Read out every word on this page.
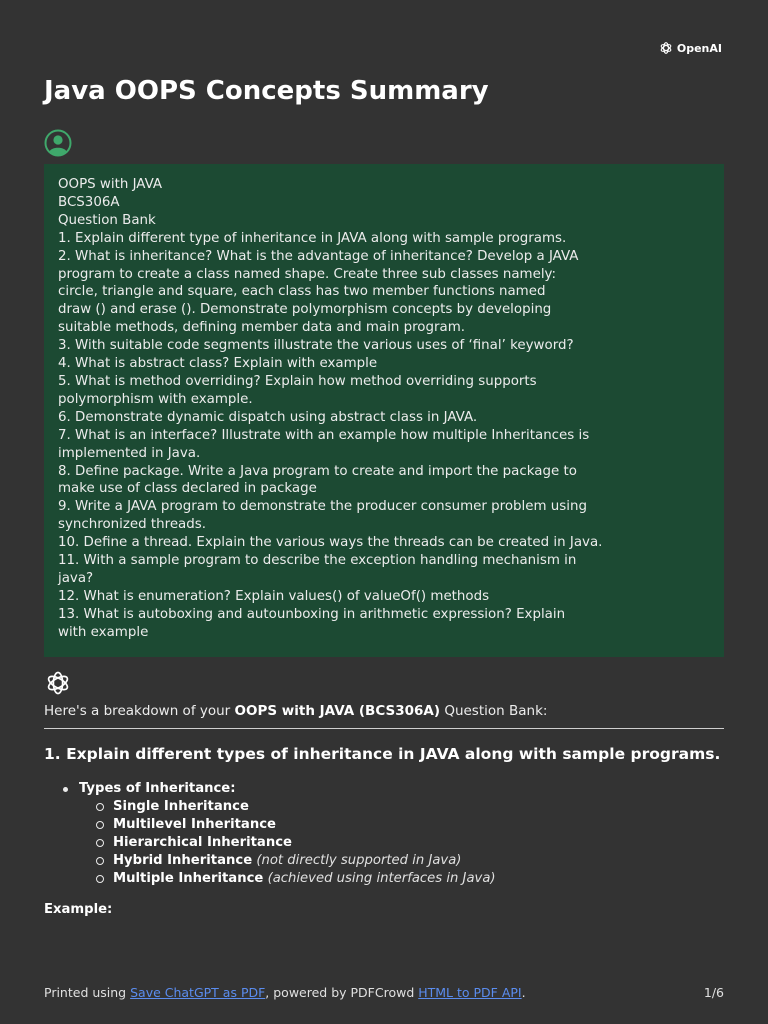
OpenAI
Java OOPS Concepts Summary
OOPS with JAVA
BCS306A
Question Bank
1. Explain different type of inheritance in JAVA along with sample programs.
2. What is inheritance? What is the advantage of inheritance? Develop a JAVA
program to create a class named shape. Create three sub classes namely:
circle, triangle and square, each class has two member functions named
draw () and erase (). Demonstrate polymorphism concepts by developing
suitable methods, defining member data and main program.
3. With suitable code segments illustrate the various uses of ‘final’ keyword?
4. What is abstract class? Explain with example
5. What is method overriding? Explain how method overriding supports
polymorphism with example.
6. Demonstrate dynamic dispatch using abstract class in JAVA.
7. What is an interface? Illustrate with an example how multiple Inheritances is
implemented in Java.
8. Define package. Write a Java program to create and import the package to
make use of class declared in package
9. Write a JAVA program to demonstrate the producer consumer problem using
synchronized threads.
10. Define a thread. Explain the various ways the threads can be created in Java.
11. With a sample program to describe the exception handling mechanism in
java?
12. What is enumeration? Explain values() of valueOf() methods
13. What is autoboxing and autounboxing in arithmetic expression? Explain
with example
Here's a breakdown of your OOPS with JAVA (BCS306A) Question Bank:
1. Explain different types of inheritance in JAVA along with sample programs.
Types of Inheritance:
Single Inheritance
Multilevel Inheritance
Hierarchical Inheritance
Hybrid Inheritance (not directly supported in Java)
Multiple Inheritance (achieved using interfaces in Java)
Example:
Printed using Save ChatGPT as PDF, powered by PDFCrowd HTML to PDF API.	1/6
